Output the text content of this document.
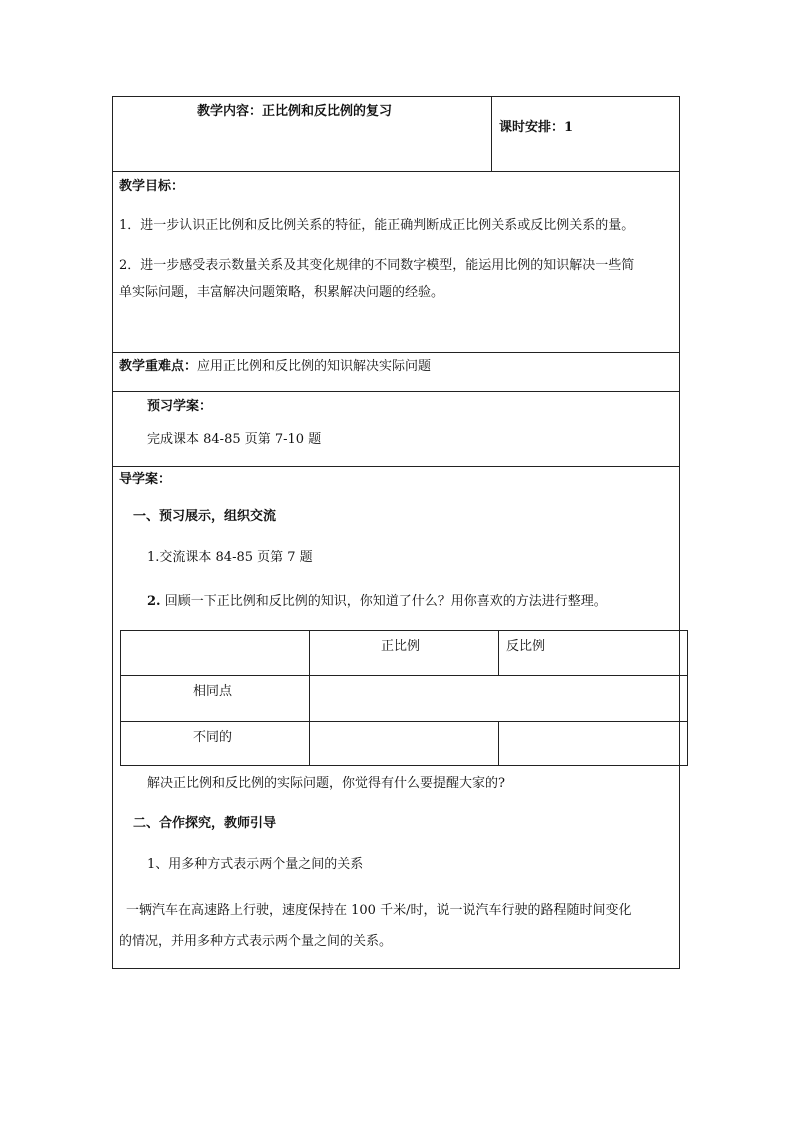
教学内容：正比例和反比例的复习
课时安排：1
教学目标：
1．进一步认识正比例和反比例关系的特征，能正确判断成正比例关系或反比例关系的量。
2．进一步感受表示数量关系及其变化规律的不同数字模型，能运用比例的知识解决一些简
单实际问题，丰富解决问题策略，积累解决问题的经验。
教学重难点：应用正比例和反比例的知识解决实际问题
预习学案：
完成课本 84-85 页第 7-10 题
导学案：
一、预习展示，组织交流
1.交流课本 84-85 页第 7 题
2. 回顾一下正比例和反比例的知识，你知道了什么？用你喜欢的方法进行整理。
正比例	反比例
相同点
不同的
解决正比例和反比例的实际问题，你觉得有什么要提醒大家的?
二、合作探究，教师引导
1、用多种方式表示两个量之间的关系
一辆汽车在高速路上行驶，速度保持在 100 千米/时，说一说汽车行驶的路程随时间变化
的情况，并用多种方式表示两个量之间的关系。
